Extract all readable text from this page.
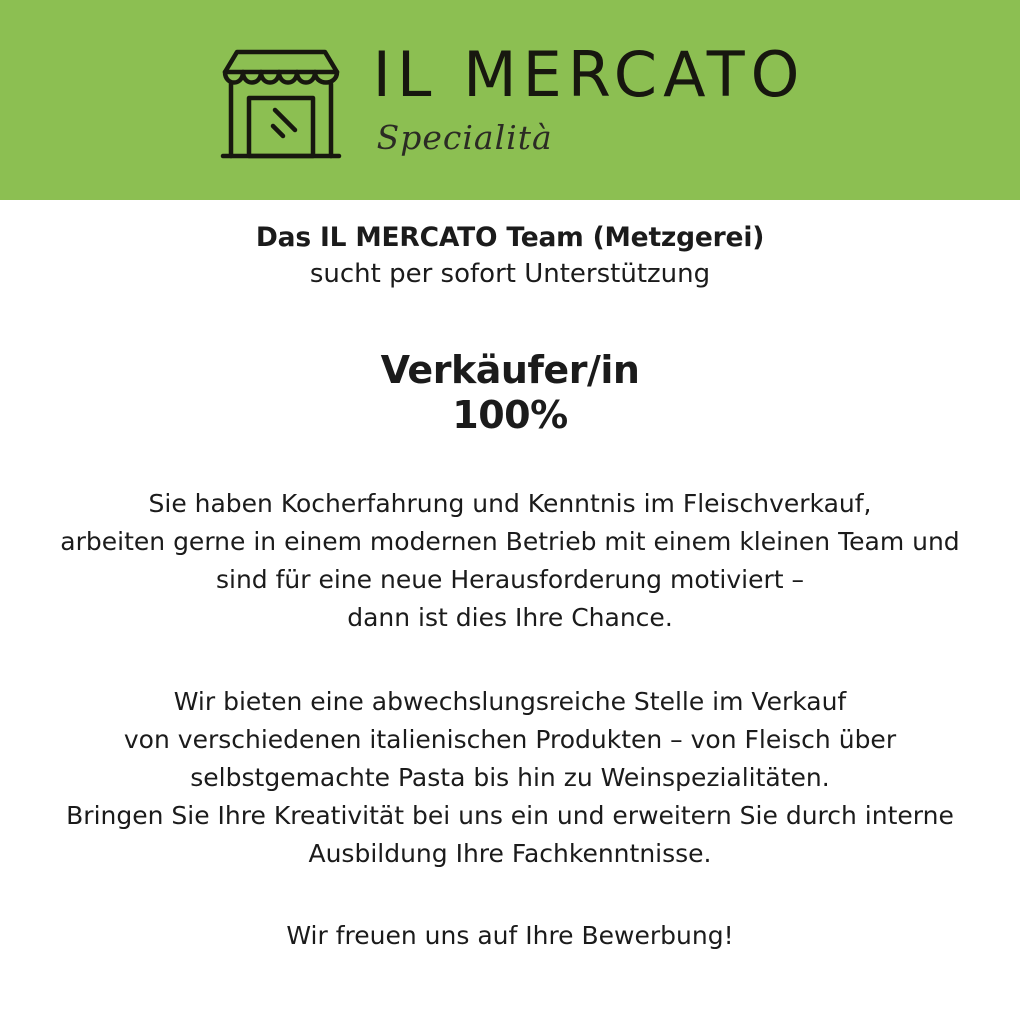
IL MERCATO
Specialità

Das IL MERCATO Team (Metzgerei)

sucht per sofort Unterstützung

Verkäufer/in
100%

Sie haben Kocherfahrung und Kenntnis im Fleischverkauf,
arbeiten gerne in einem modernen Betrieb mit einem kleinen Team und
sind für eine neue Herausforderung motiviert –
dann ist dies Ihre Chance.

Wir bieten eine abwechslungsreiche Stelle im Verkauf
von verschiedenen italienischen Produkten – von Fleisch über
selbstgemachte Pasta bis hin zu Weinspezialitäten.
Bringen Sie Ihre Kreativität bei uns ein und erweitern Sie durch interne
Ausbildung Ihre Fachkenntnisse.

Wir freuen uns auf Ihre Bewerbung!
